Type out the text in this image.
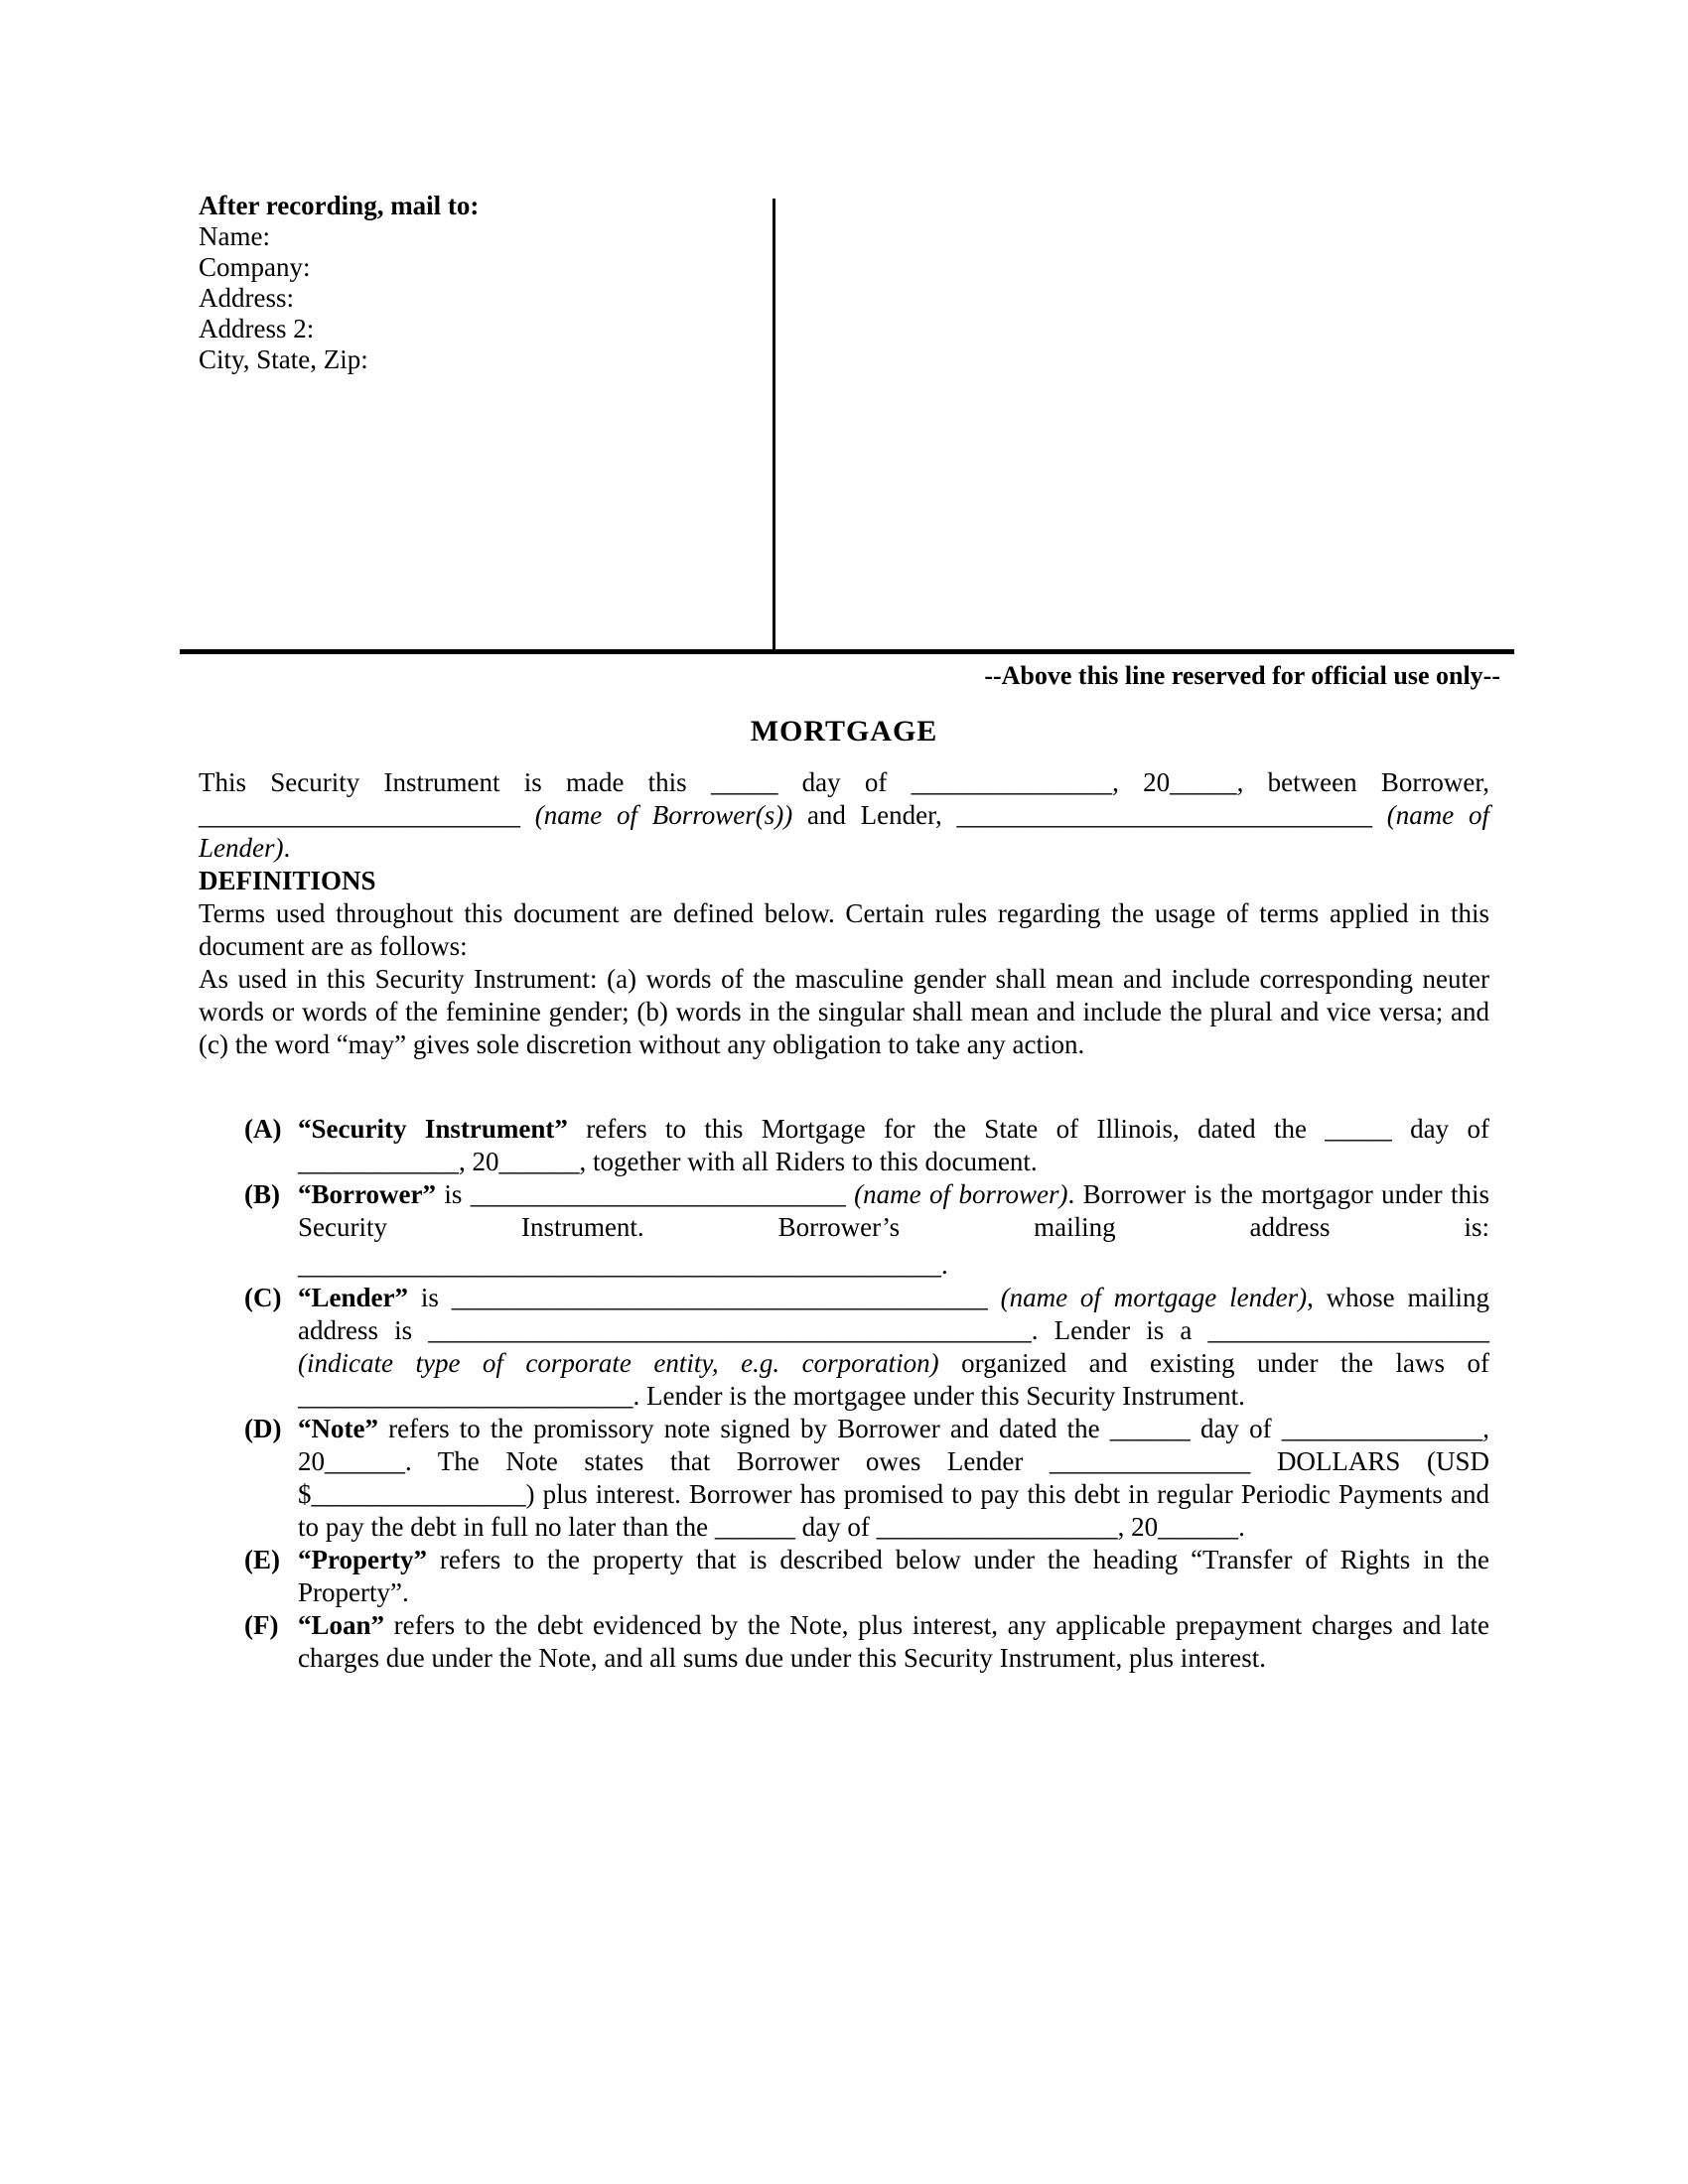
After recording, mail to:
Name:
Company:
Address:
Address 2:
City, State, Zip:
--Above this line reserved for official use only--
MORTGAGE

This Security Instrument is made this _____ day of _______________, 20_____, between Borrower, ________________________ (name of Borrower(s)) and Lender, _______________________________ (name of Lender).

DEFINITIONS

Terms used throughout this document are defined below. Certain rules regarding the usage of terms applied in this document are as follows:

As used in this Security Instrument: (a) words of the masculine gender shall mean and include corresponding neuter words or words of the feminine gender; (b) words in the singular shall mean and include the plural and vice versa; and (c) the word “may” gives sole discretion without any obligation to take any action.

(A) “Security Instrument” refers to this Mortgage for the State of Illinois, dated the _____ day of ____________, 20______, together with all Riders to this document.

(B) “Borrower” is ____________________________ (name of borrower). Borrower is the mortgagor under this Security Instrument. Borrower’s mailing address is:

________________________________________________.

(C) “Lender” is ________________________________________ (name of mortgage lender), whose mailing address is _____________________________________________. Lender is a _____________________ (indicate type of corporate entity, e.g. corporation) organized and existing under the laws of _________________________. Lender is the mortgagee under this Security Instrument.

(D) “Note” refers to the promissory note signed by Borrower and dated the ______ day of _______________, 20______. The Note states that Borrower owes Lender _______________ DOLLARS (USD $________________) plus interest. Borrower has promised to pay this debt in regular Periodic Payments and to pay the debt in full no later than the ______ day of __________________, 20______.

(E) “Property” refers to the property that is described below under the heading “Transfer of Rights in the Property”.

(F) “Loan” refers to the debt evidenced by the Note, plus interest, any applicable prepayment charges and late charges due under the Note, and all sums due under this Security Instrument, plus interest.
